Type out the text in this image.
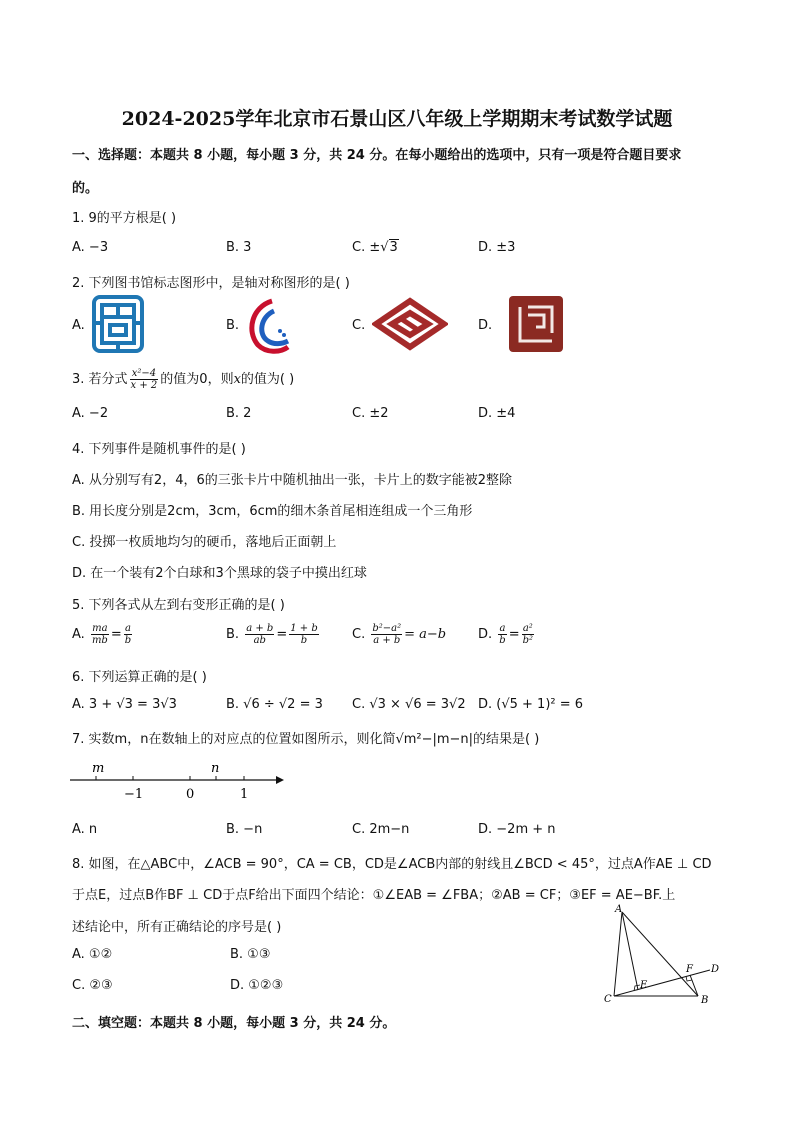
2024-2025学年北京市石景山区八年级上学期期末考试数学试题
一、选择题：本题共 8 小题，每小题 3 分，共 24 分。在每小题给出的选项中，只有一项是符合题目要求
的。
1. 9的平方根是( )
A. −3	B. 3	C. ±√3	D. ±3
2. 下列图书馆标志图形中，是轴对称图形的是( )
A.	B.	C.	D.
3. 若分式 $\frac{\text{x²−4}}{x + 2}$ 的值为0，则x的值为( )
A. −2	B. 2	C. ±2	D. ±4
4. 下列事件是随机事件的是( )
A. 从分别写有2，4，6的三张卡片中随机抽出一张，卡片上的数字能被2整除
B. 用长度分别是2cm，3cm，6cm的细木条首尾相连组成一个三角形
C. 投掷一枚质地均匀的硬币，落地后正面朝上
D. 在一个装有2个白球和3个黑球的袋子中摸出红球
5. 下列各式从左到右变形正确的是( )
A. $\frac{ma}{mb} = \frac{a}{b}$	B. $\frac{a + b}{ab} = \frac{1 + b}{b}$	C. $\frac{\text{b²−a²}}{a + b} = a-b$ D. $\frac{a}{b} = \frac{\text{a²}}{\text{b²}}$
6. 下列运算正确的是( )
A. 3 + √3 = 3√3	B. √6 ÷ √2 = 3 C. √3 × √6 = 3√2 D. (√5 + 1)² = 6
7. 实数m，n在数轴上的对应点的位置如图所示，则化简√m²−|m−n|的结果是( )
m	n
−1	0	1
A. n	B. −n	C. 2m−n	D. −2m + n
8. 如图，在△ABC中，∠ACB = 90°，CA = CB，CD是∠ACB内部的射线且∠BCD < 45°，过点A作AE ⊥ CD
于点E，过点B作BF ⊥ CD于点F给出下面四个结论：①∠EAB = ∠FBA；②AB = CF；③EF = AE−BF.上
述结论中，所有正确结论的序号是( )
A. ①②	B. ①③
C. ②③	D. ①②③
A
B
C
D
E
F
二、填空题：本题共 8 小题，每小题 3 分，共 24 分。
